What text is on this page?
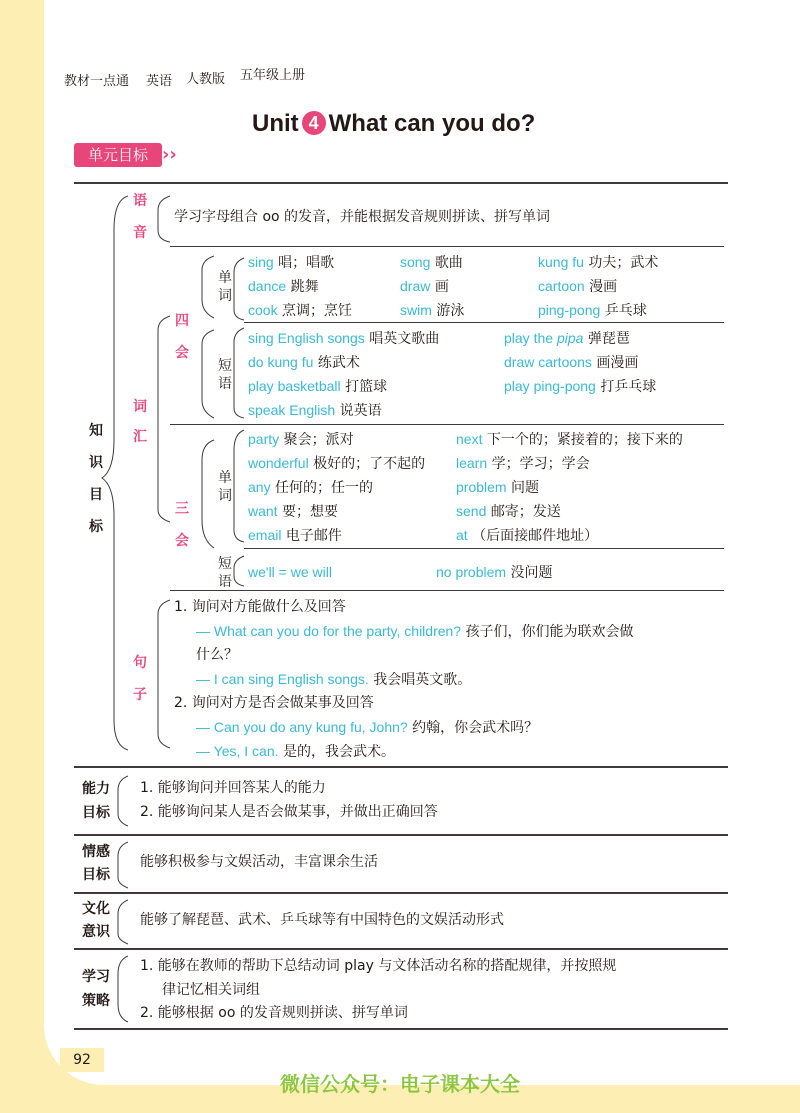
教材一点通 英语 人教版 五年级上册
Unit 4 What can you do?
单元目标 ››
知
识
目
标
语
音
学习字母组合 oo 的发音，并能根据发音规则拼读、拼写单词
词
汇
四
会
单
词
sing 唱；唱歌	song 歌曲	kung fu 功夫；武术
dance 跳舞	draw 画	cartoon 漫画
cook 烹调；烹饪	swim 游泳	ping-pong 乒乓球
短
语
sing English songs 唱英文歌曲	play the pipa 弹琵琶
do kung fu 练武术	draw cartoons 画漫画
play basketball 打篮球	play ping-pong 打乒乓球
speak English 说英语
三
会
单
词
party 聚会；派对	next 下一个的；紧接着的；接下来的
wonderful 极好的；了不起的 learn 学；学习；学会
any 任何的；任一的	problem 问题
want 要；想要	send 邮寄；发送
email 电子邮件	at （后面接邮件地址）
短
语
we'll = we will	no problem 没问题
句
子
1. 询问对方能做什么及回答
— What can you do for the party, children? 孩子们，你们能为联欢会做
什么？
— I can sing English songs. 我会唱英文歌。
2. 询问对方是否会做某事及回答
— Can you do any kung fu, John? 约翰，你会武术吗？
— Yes, I can. 是的，我会武术。
能力
目标
1. 能够询问并回答某人的能力
2. 能够询问某人是否会做某事，并做出正确回答
情感
目标
能够积极参与文娱活动，丰富课余生活
文化
意识
能够了解琵琶、武术、乒乓球等有中国特色的文娱活动形式
学习
策略
1. 能够在教师的帮助下总结动词 play 与文体活动名称的搭配规律，并按照规
律记忆相关词组
2. 能够根据 oo 的发音规则拼读、拼写单词
92
微信公众号：电子课本大全
